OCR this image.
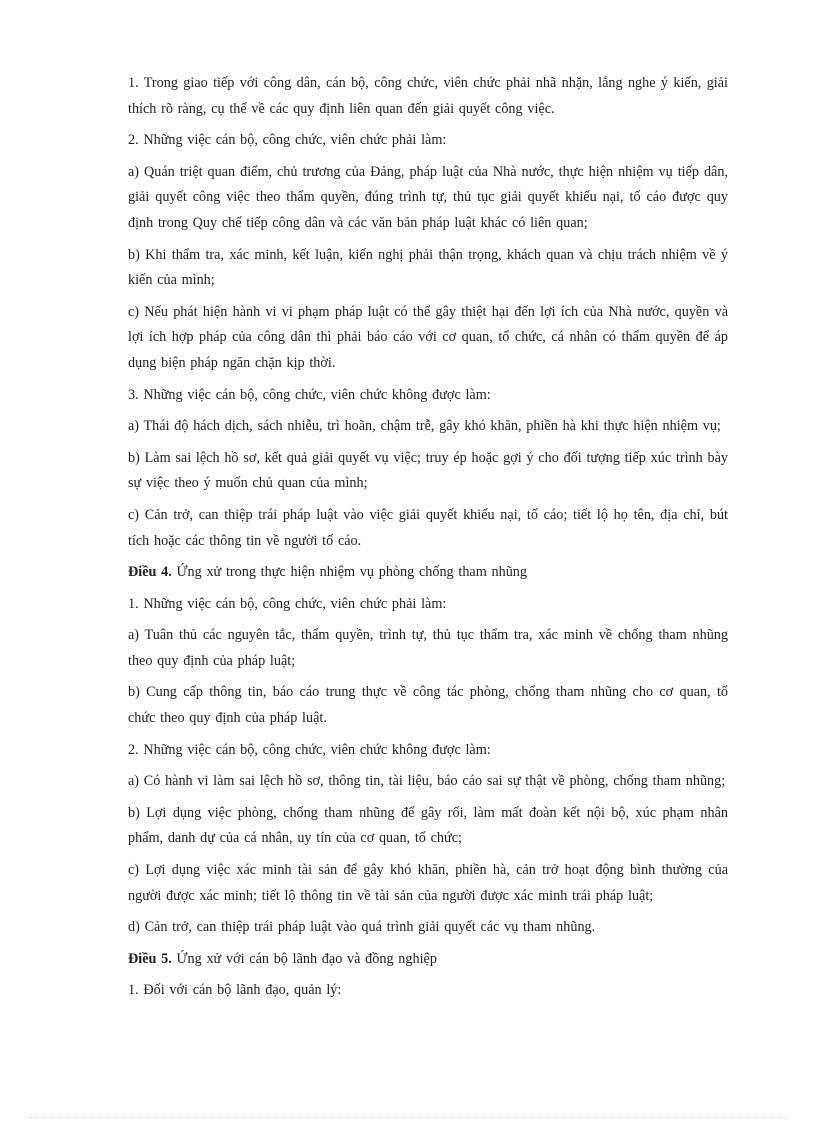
1. Trong giao tiếp với công dân, cán bộ, công chức, viên chức phải nhã nhặn, lắng nghe ý kiến, giải thích rõ ràng, cụ thể về các quy định liên quan đến giải quyết công việc.

2. Những việc cán bộ, công chức, viên chức phải làm:

a) Quán triệt quan điểm, chủ trương của Đảng, pháp luật của Nhà nước, thực hiện nhiệm vụ tiếp dân, giải quyết công việc theo thẩm quyền, đúng trình tự, thủ tục giải quyết khiếu nại, tố cáo được quy định trong Quy chế tiếp công dân và các văn bản pháp luật khác có liên quan;

b) Khi thẩm tra, xác minh, kết luận, kiến nghị phải thận trọng, khách quan và chịu trách nhiệm về ý kiến của mình;

c) Nếu phát hiện hành vi vi phạm pháp luật có thể gây thiệt hại đến lợi ích của Nhà nước, quyền và lợi ích hợp pháp của công dân thì phải báo cáo với cơ quan, tổ chức, cá nhân có thẩm quyền để áp dụng biện pháp ngăn chặn kịp thời.

3. Những việc cán bộ, công chức, viên chức không được làm:

a) Thái độ hách dịch, sách nhiễu, trì hoãn, chậm trễ, gây khó khăn, phiền hà khi thực hiện nhiệm vụ;

b) Làm sai lệch hồ sơ, kết quả giải quyết vụ việc; truy ép hoặc gợi ý cho đối tượng tiếp xúc trình bày sự việc theo ý muốn chủ quan của mình;

c) Cản trở, can thiệp trái pháp luật vào việc giải quyết khiếu nại, tố cáo; tiết lộ họ tên, địa chỉ, bút tích hoặc các thông tin về người tố cáo.

Điều 4. Ứng xử trong thực hiện nhiệm vụ phòng chống tham nhũng

1. Những việc cán bộ, công chức, viên chức phải làm:

a) Tuân thủ các nguyên tắc, thẩm quyền, trình tự, thủ tục thẩm tra, xác minh về chống tham nhũng theo quy định của pháp luật;

b) Cung cấp thông tin, báo cáo trung thực về công tác phòng, chống tham nhũng cho cơ quan, tổ chức theo quy định của pháp luật.

2. Những việc cán bộ, công chức, viên chức không được làm:

a) Có hành vi làm sai lệch hồ sơ, thông tin, tài liệu, báo cáo sai sự thật về phòng, chống tham nhũng;

b) Lợi dụng việc phòng, chống tham nhũng để gây rối, làm mất đoàn kết nội bộ, xúc phạm nhân phẩm, danh dự của cá nhân, uy tín của cơ quan, tổ chức;

c) Lợi dụng việc xác minh tài sản để gây khó khăn, phiền hà, cản trở hoạt động bình thường của người được xác minh; tiết lộ thông tin về tài sản của người được xác minh trái pháp luật;

d) Cản trở, can thiệp trái pháp luật vào quá trình giải quyết các vụ tham nhũng.

Điều 5. Ứng xử với cán bộ lãnh đạo và đồng nghiệp

1. Đối với cán bộ lãnh đạo, quản lý:
